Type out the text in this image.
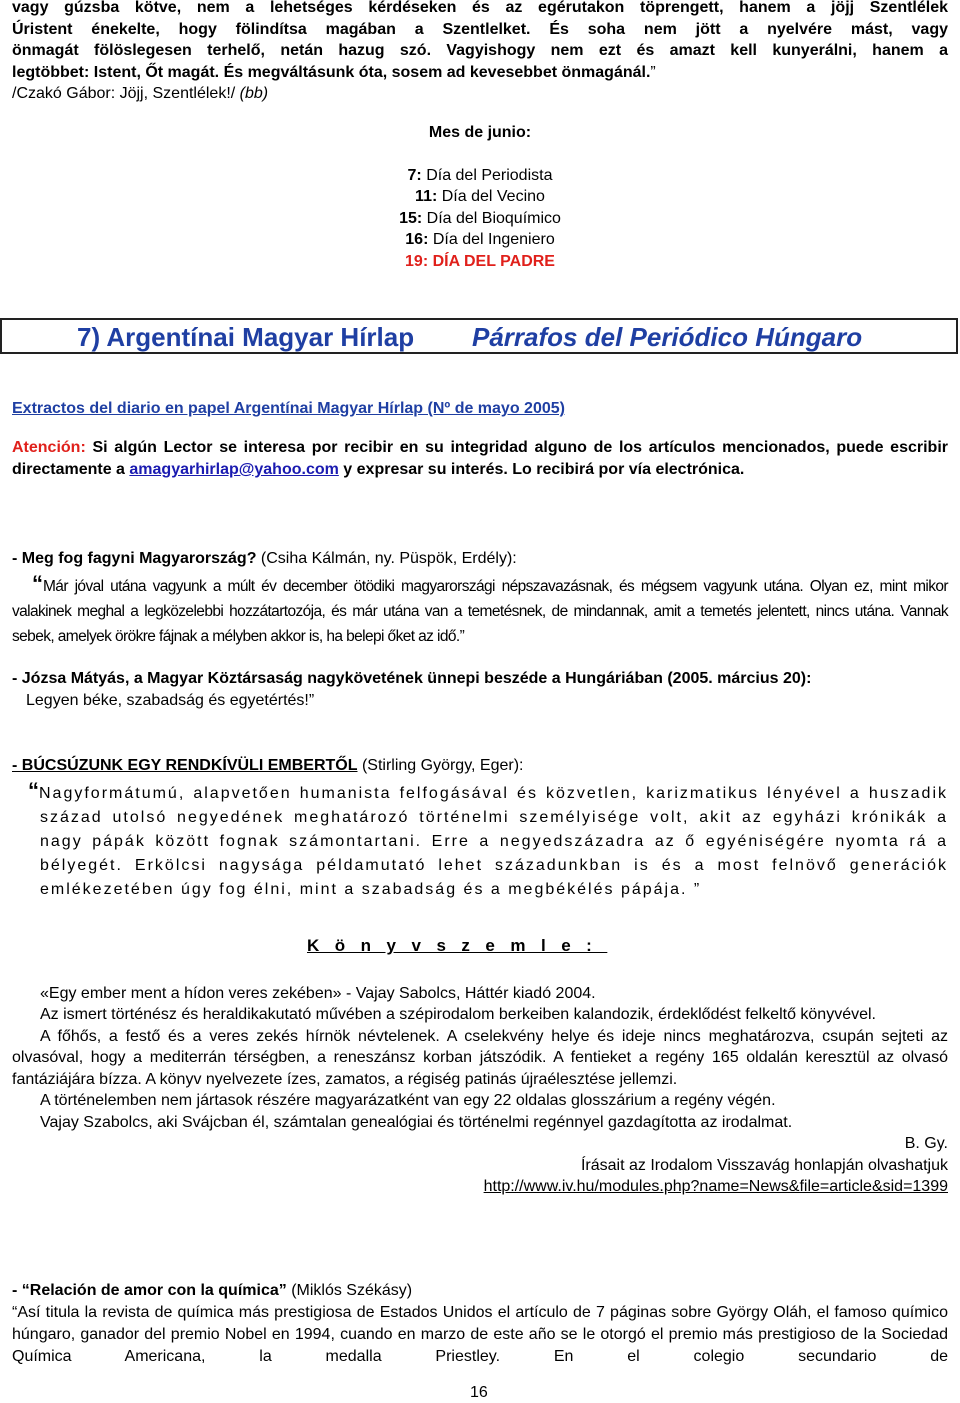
vagy gúzsba kötve, nem a lehetséges kérdéseken és az egérutakon töprengett, hanem a jöjj Szentlélek

Úristent énekelte, hogy fölindítsa magában a Szentlelket. És soha nem jött a nyelvére mást, vagy

önmagát fölöslegesen terhelő, netán hazug szó. Vagyishogy nem ezt és amazt kell kunyerálni, hanem a

legtöbbet: Istent, Őt magát. És megváltásunk óta, sosem ad kevesebbet önmagánál.”

/Czakó Gábor: Jöjj, Szentlélek!/ (bb)

Mes de junio:

7: Día del Periodista

11: Día del Vecino

15: Día del Bioquímico

16: Día del Ingeniero

19: DÍA DEL PADRE

7) Argentínai Magyar Hírlap Párrafos del Periódico Húngaro

Extractos del diario en papel Argentínai Magyar Hírlap (Nº de mayo 2005)

Atención: Si algún Lector se interesa por recibir en su integridad alguno de los artículos mencionados, puede escribir directamente a amagyarhirlap@yahoo.com y expresar su interés. Lo recibirá por vía electrónica.

- Meg fog fagyni Magyarország? (Csiha Kálmán, ny. Püspök, Erdély):

“Már jóval utána vagyunk a múlt év december ötödiki magyarországi népszavazásnak, és mégsem vagyunk utána. Olyan ez, mint mikor valakinek meghal a legközelebbi hozzátartozója, és már utána van a temetésnek, de mindannak, amit a temetés jelentett, nincs utána. Vannak sebek, amelyek örökre fájnak a mélyben akkor is, ha belepi őket az idő.”

- Józsa Mátyás, a Magyar Köztársaság nagykövetének ünnepi beszéde a Hungáriában (2005. március 20):

Legyen béke, szabadság és egyetértés!”

- BÚCSÚZUNK EGY RENDKÍVÜLI EMBERTŐL (Stirling György, Eger):

“Nagyformátumú, alapvetően humanista felfogásával és közvetlen, karizmatikus lényével a huszadik század utolsó negyedének meghatározó történelmi személyisége volt, akit az egyházi krónikák a nagy pápák között fognak számontartani. Erre a negyedszázadra az ő egyéniségére nyomta rá a bélyegét. Erkölcsi nagysága példamutató lehet századunkban is és a most felnövő generációk emlékezetében úgy fog élni, mint a szabadság és a megbékélés pápája. ”

Könyvszemle:

«Egy ember ment a hídon veres zekében» - Vajay Sabolcs, Háttér kiadó 2004.

Az ismert történész és heraldikakutató művében a szépirodalom berkeiben kalandozik, érdeklődést felkeltő könyvével.

A főhős, a festő és a veres zekés hírnök névtelenek. A cselekvény helye és ideje nincs meghatározva, csupán sejteti az olvasóval, hogy a mediterrán térségben, a reneszánsz korban játszódik. A fentieket a regény 165 oldalán keresztül az olvasó fantáziájára bízza. A könyv nyelvezete ízes, zamatos, a régiség patinás újraélesztése jellemzi.

A történelemben nem jártasok részére magyarázatként van egy 22 oldalas glosszárium a regény végén.

Vajay Szabolcs, aki Svájcban él, számtalan genealógiai és történelmi regénnyel gazdagította az irodalmat.

B. Gy.

Írásait az Irodalom Visszavág honlapján olvashatjuk

http://www.iv.hu/modules.php?name=News&file=article&sid=1399

- “Relación de amor con la química” (Miklós Székásy)

“Así titula la revista de química más prestigiosa de Estados Unidos el artículo de 7 páginas sobre György Oláh, el famoso químico húngaro, ganador del premio Nobel en 1994, cuando en marzo de este año se le otorgó el premio más prestigioso de la Sociedad Química Americana, la medalla Priestley. En el colegio secundario de

16
